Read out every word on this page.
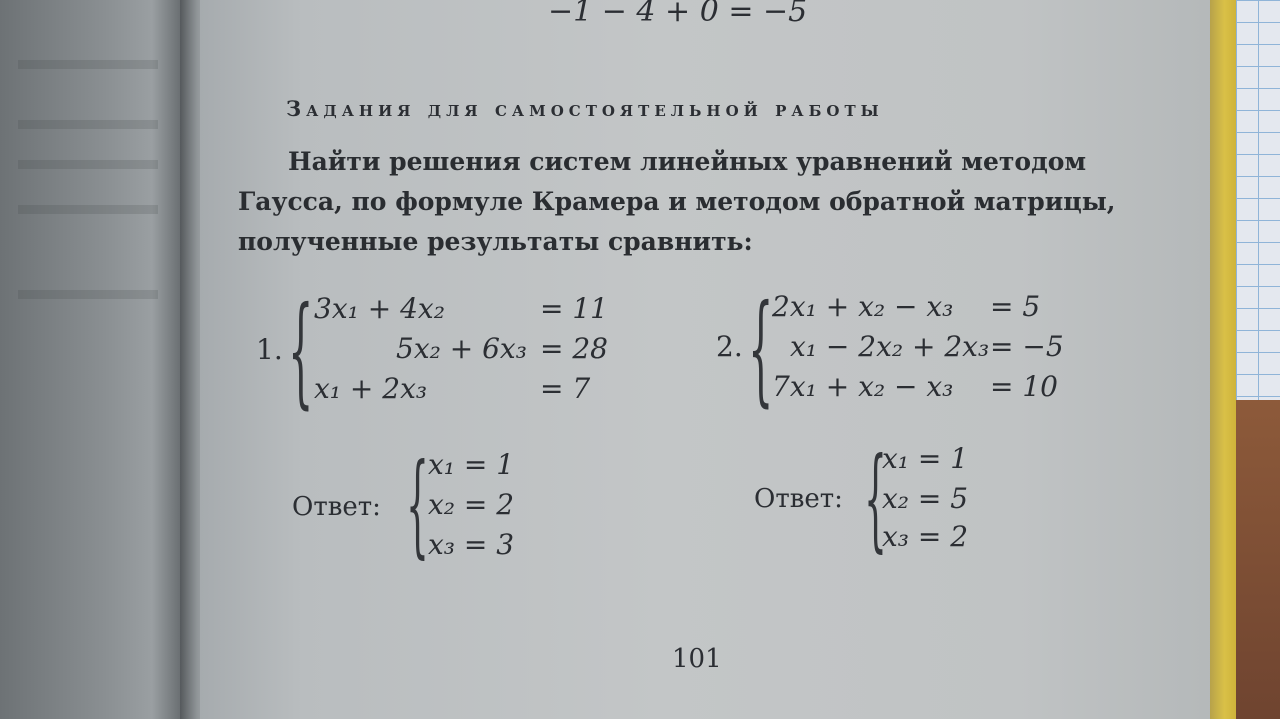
−1 − 4 + 0 = −5
Задания для самостоятельной работы
Найти решения систем линейных уравнений методом Гаусса, по формуле Крамера и методом обратной матрицы, полученные результаты сравнить:
1. { 3x₁ + 4x₂	= 11
5x₂ + 6x₃ = 28
x₁ + 2x₃	= 7
Ответ: { x₁ = 1
x₂ = 2
x₃ = 3
2. {
2x₁ + x₂ − x₃ = 5
x₁ − 2x₂ + 2x₃ = −5
7x₁ + x₂ − x₃ = 10
Ответ: {
x₁ = 1
x₂ = 5
x₃ = 2
101
